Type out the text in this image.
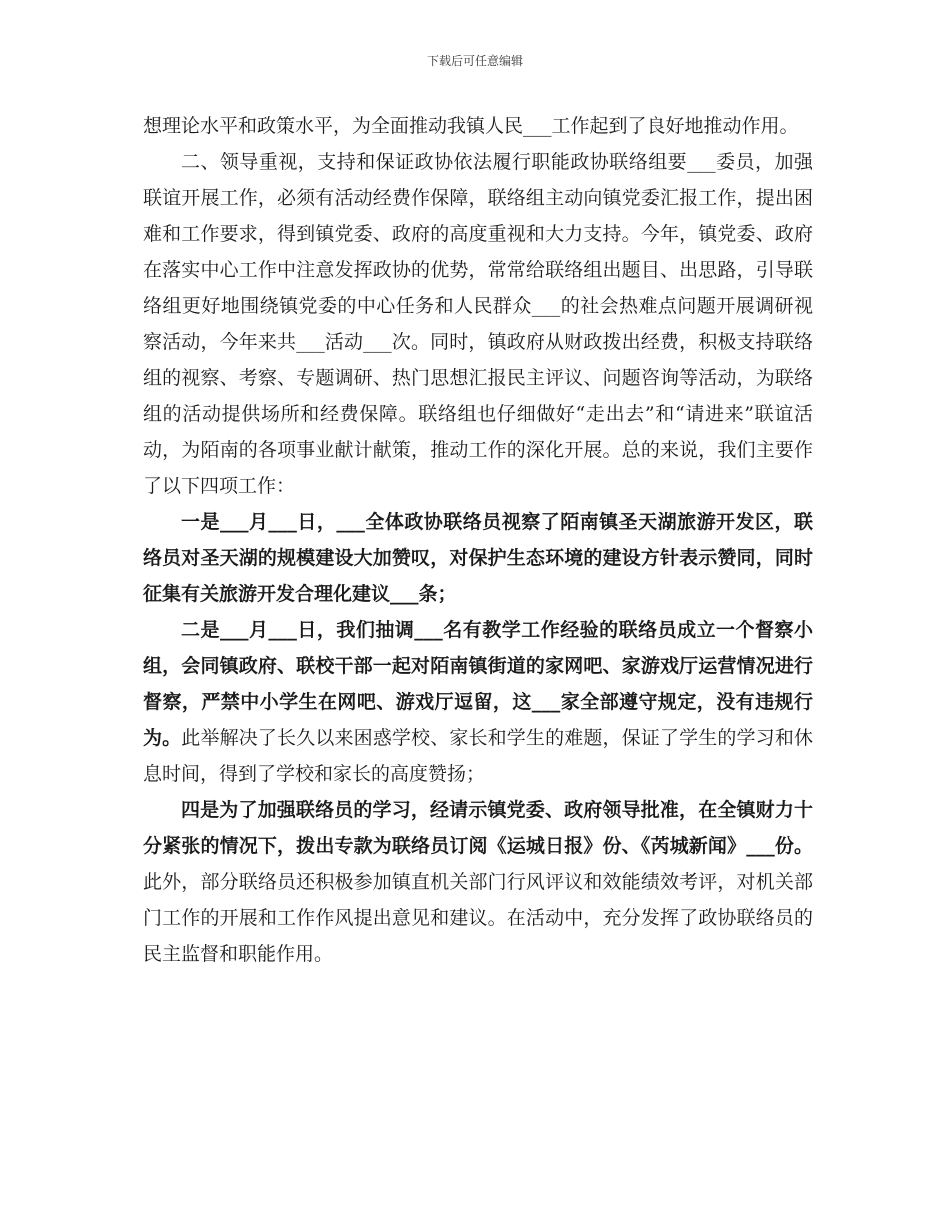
下载后可任意编辑

想理论水平和政策水平，为全面推动我镇人民___工作起到了良好地推动作用。

二、领导重视，支持和保证政协依法履行职能政协联络组要___委员，加强联谊开展工作，必须有活动经费作保障，联络组主动向镇党委汇报工作，提出困难和工作要求，得到镇党委、政府的高度重视和大力支持。今年，镇党委、政府在落实中心工作中注意发挥政协的优势，常常给联络组出题目、出思路，引导联络组更好地围绕镇党委的中心任务和人民群众___的社会热难点问题开展调研视察活动，今年来共___活动___次。同时，镇政府从财政拨出经费，积极支持联络组的视察、考察、专题调研、热门思想汇报民主评议、问题咨询等活动，为联络组的活动提供场所和经费保障。联络组也仔细做好“走出去”和“请进来”联谊活动，为陌南的各项事业献计献策，推动工作的深化开展。总的来说，我们主要作了以下四项工作：

一是___月___日，___全体政协联络员视察了陌南镇圣天湖旅游开发区，联络员对圣天湖的规模建设大加赞叹，对保护生态环境的建设方针表示赞同，同时征集有关旅游开发合理化建议___条；

二是___月___日，我们抽调___名有教学工作经验的联络员成立一个督察小组，会同镇政府、联校干部一起对陌南镇街道的家网吧、家游戏厅运营情况进行督察，严禁中小学生在网吧、游戏厅逗留，这___家全部遵守规定，没有违规行为。此举解决了长久以来困惑学校、家长和学生的难题，保证了学生的学习和休息时间，得到了学校和家长的高度赞扬；

四是为了加强联络员的学习，经请示镇党委、政府领导批准，在全镇财力十分紧张的情况下，拨出专款为联络员订阅《运城日报》份、《芮城新闻》___份。此外，部分联络员还积极参加镇直机关部门行风评议和效能绩效考评，对机关部门工作的开展和工作作风提出意见和建议。在活动中，充分发挥了政协联络员的民主监督和职能作用。
